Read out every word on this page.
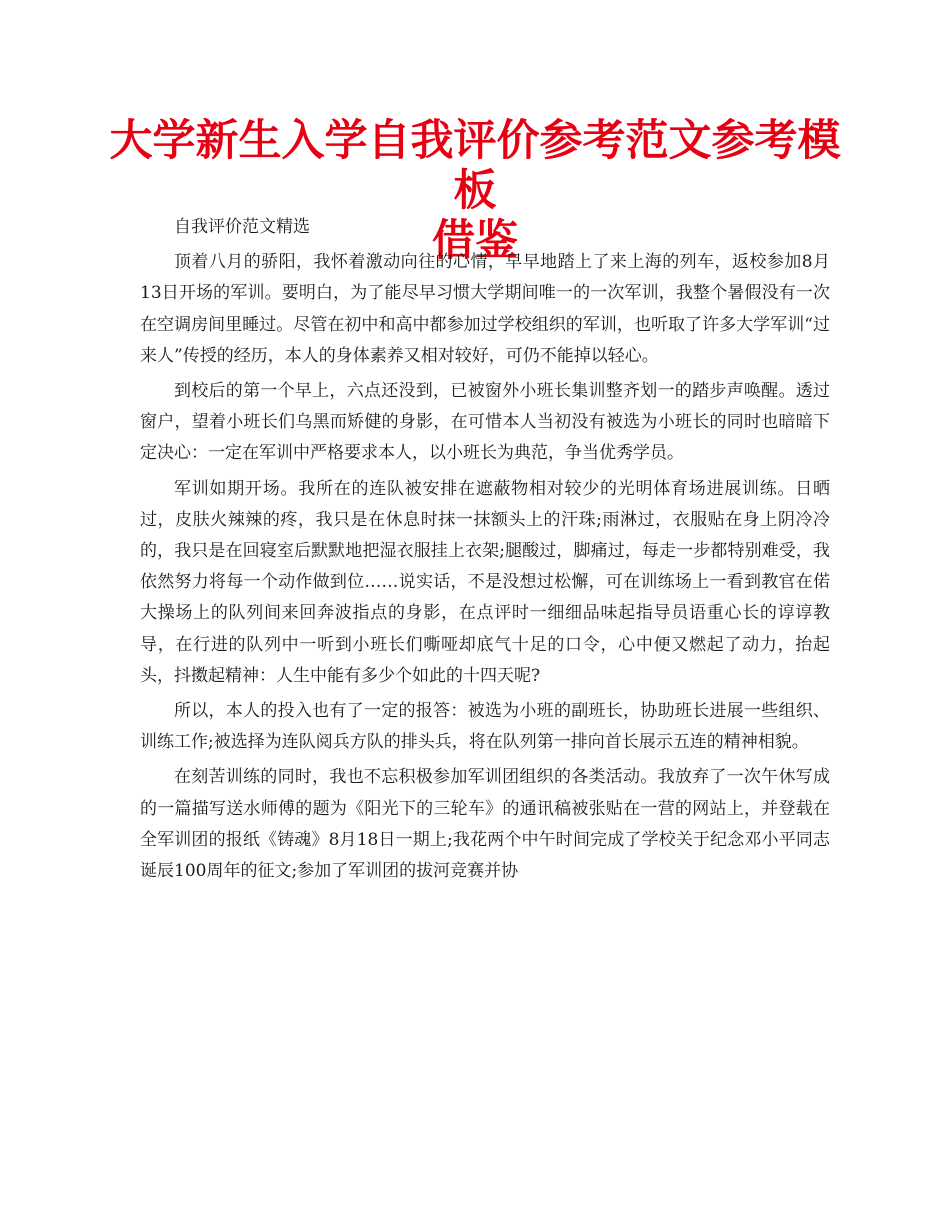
大学新生入学自我评价参考范文参考模板
借鉴

自我评价范文精选

顶着八月的骄阳，我怀着激动向往的心情，早早地踏上了来上海的列车，返校参加8月13日开场的军训。要明白，为了能尽早习惯大学期间唯一的一次军训，我整个暑假没有一次在空调房间里睡过。尽管在初中和高中都参加过学校组织的军训，也听取了许多大学军训“过来人”传授的经历，本人的身体素养又相对较好，可仍不能掉以轻心。

到校后的第一个早上，六点还没到，已被窗外小班长集训整齐划一的踏步声唤醒。透过窗户，望着小班长们乌黑而矫健的身影，在可惜本人当初没有被选为小班长的同时也暗暗下定决心：一定在军训中严格要求本人，以小班长为典范，争当优秀学员。

军训如期开场。我所在的连队被安排在遮蔽物相对较少的光明体育场进展训练。日晒过，皮肤火辣辣的疼，我只是在休息时抹一抹额头上的汗珠;雨淋过，衣服贴在身上阴冷冷的，我只是在回寝室后默默地把湿衣服挂上衣架;腿酸过，脚痛过，每走一步都特别难受，我依然努力将每一个动作做到位……说实话，不是没想过松懈，可在训练场上一看到教官在偌大操场上的队列间来回奔波指点的身影，在点评时一细细品味起指导员语重心长的谆谆教导，在行进的队列中一听到小班长们嘶哑却底气十足的口令，心中便又燃起了动力，抬起头，抖擞起精神：人生中能有多少个如此的十四天呢?

所以，本人的投入也有了一定的报答：被选为小班的副班长，协助班长进展一些组织、训练工作;被选择为连队阅兵方队的排头兵，将在队列第一排向首长展示五连的精神相貌。

在刻苦训练的同时，我也不忘积极参加军训团组织的各类活动。我放弃了一次午休写成的一篇描写送水师傅的题为《阳光下的三轮车》的通讯稿被张贴在一营的网站上，并登载在全军训团的报纸《铸魂》8月18日一期上;我花两个中午时间完成了学校关于纪念邓小平同志诞辰100周年的征文;参加了军训团的拔河竞赛并协
